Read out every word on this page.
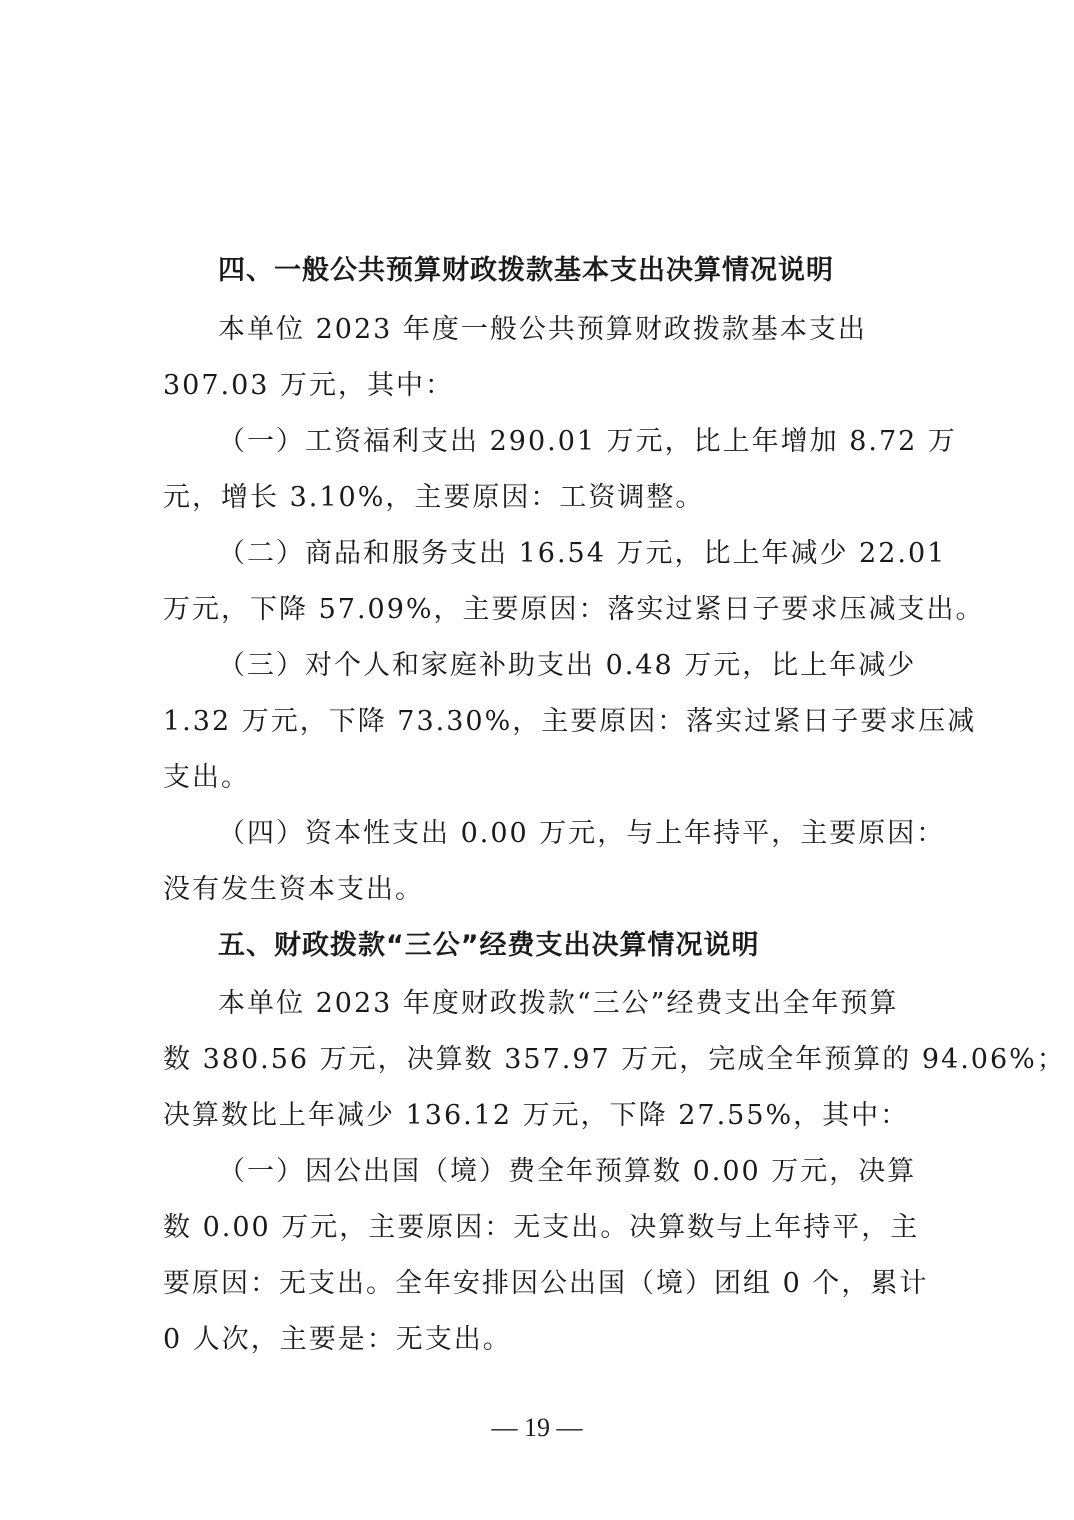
四、一般公共预算财政拨款基本支出决算情况说明
本单位 2023 年度一般公共预算财政拨款基本支出
307.03 万元，其中：
（一）工资福利支出 290.01 万元，比上年增加 8.72 万
元，增长 3.10%，主要原因：工资调整。
（二）商品和服务支出 16.54 万元，比上年减少 22.01
万元，下降 57.09%，主要原因：落实过紧日子要求压减支出。
（三）对个人和家庭补助支出 0.48 万元，比上年减少
1.32 万元，下降 73.30%，主要原因：落实过紧日子要求压减
支出。
（四）资本性支出 0.00 万元，与上年持平，主要原因：
没有发生资本支出。
五、财政拨款“三公”经费支出决算情况说明
本单位 2023 年度财政拨款“三公”经费支出全年预算
数 380.56 万元，决算数 357.97 万元，完成全年预算的 94.06%；
决算数比上年减少 136.12 万元，下降 27.55%，其中：
（一）因公出国（境）费全年预算数 0.00 万元，决算
数 0.00 万元，主要原因：无支出。决算数与上年持平，主
要原因：无支出。全年安排因公出国（境）团组 0 个，累计
0 人次，主要是：无支出。
— 19 —
